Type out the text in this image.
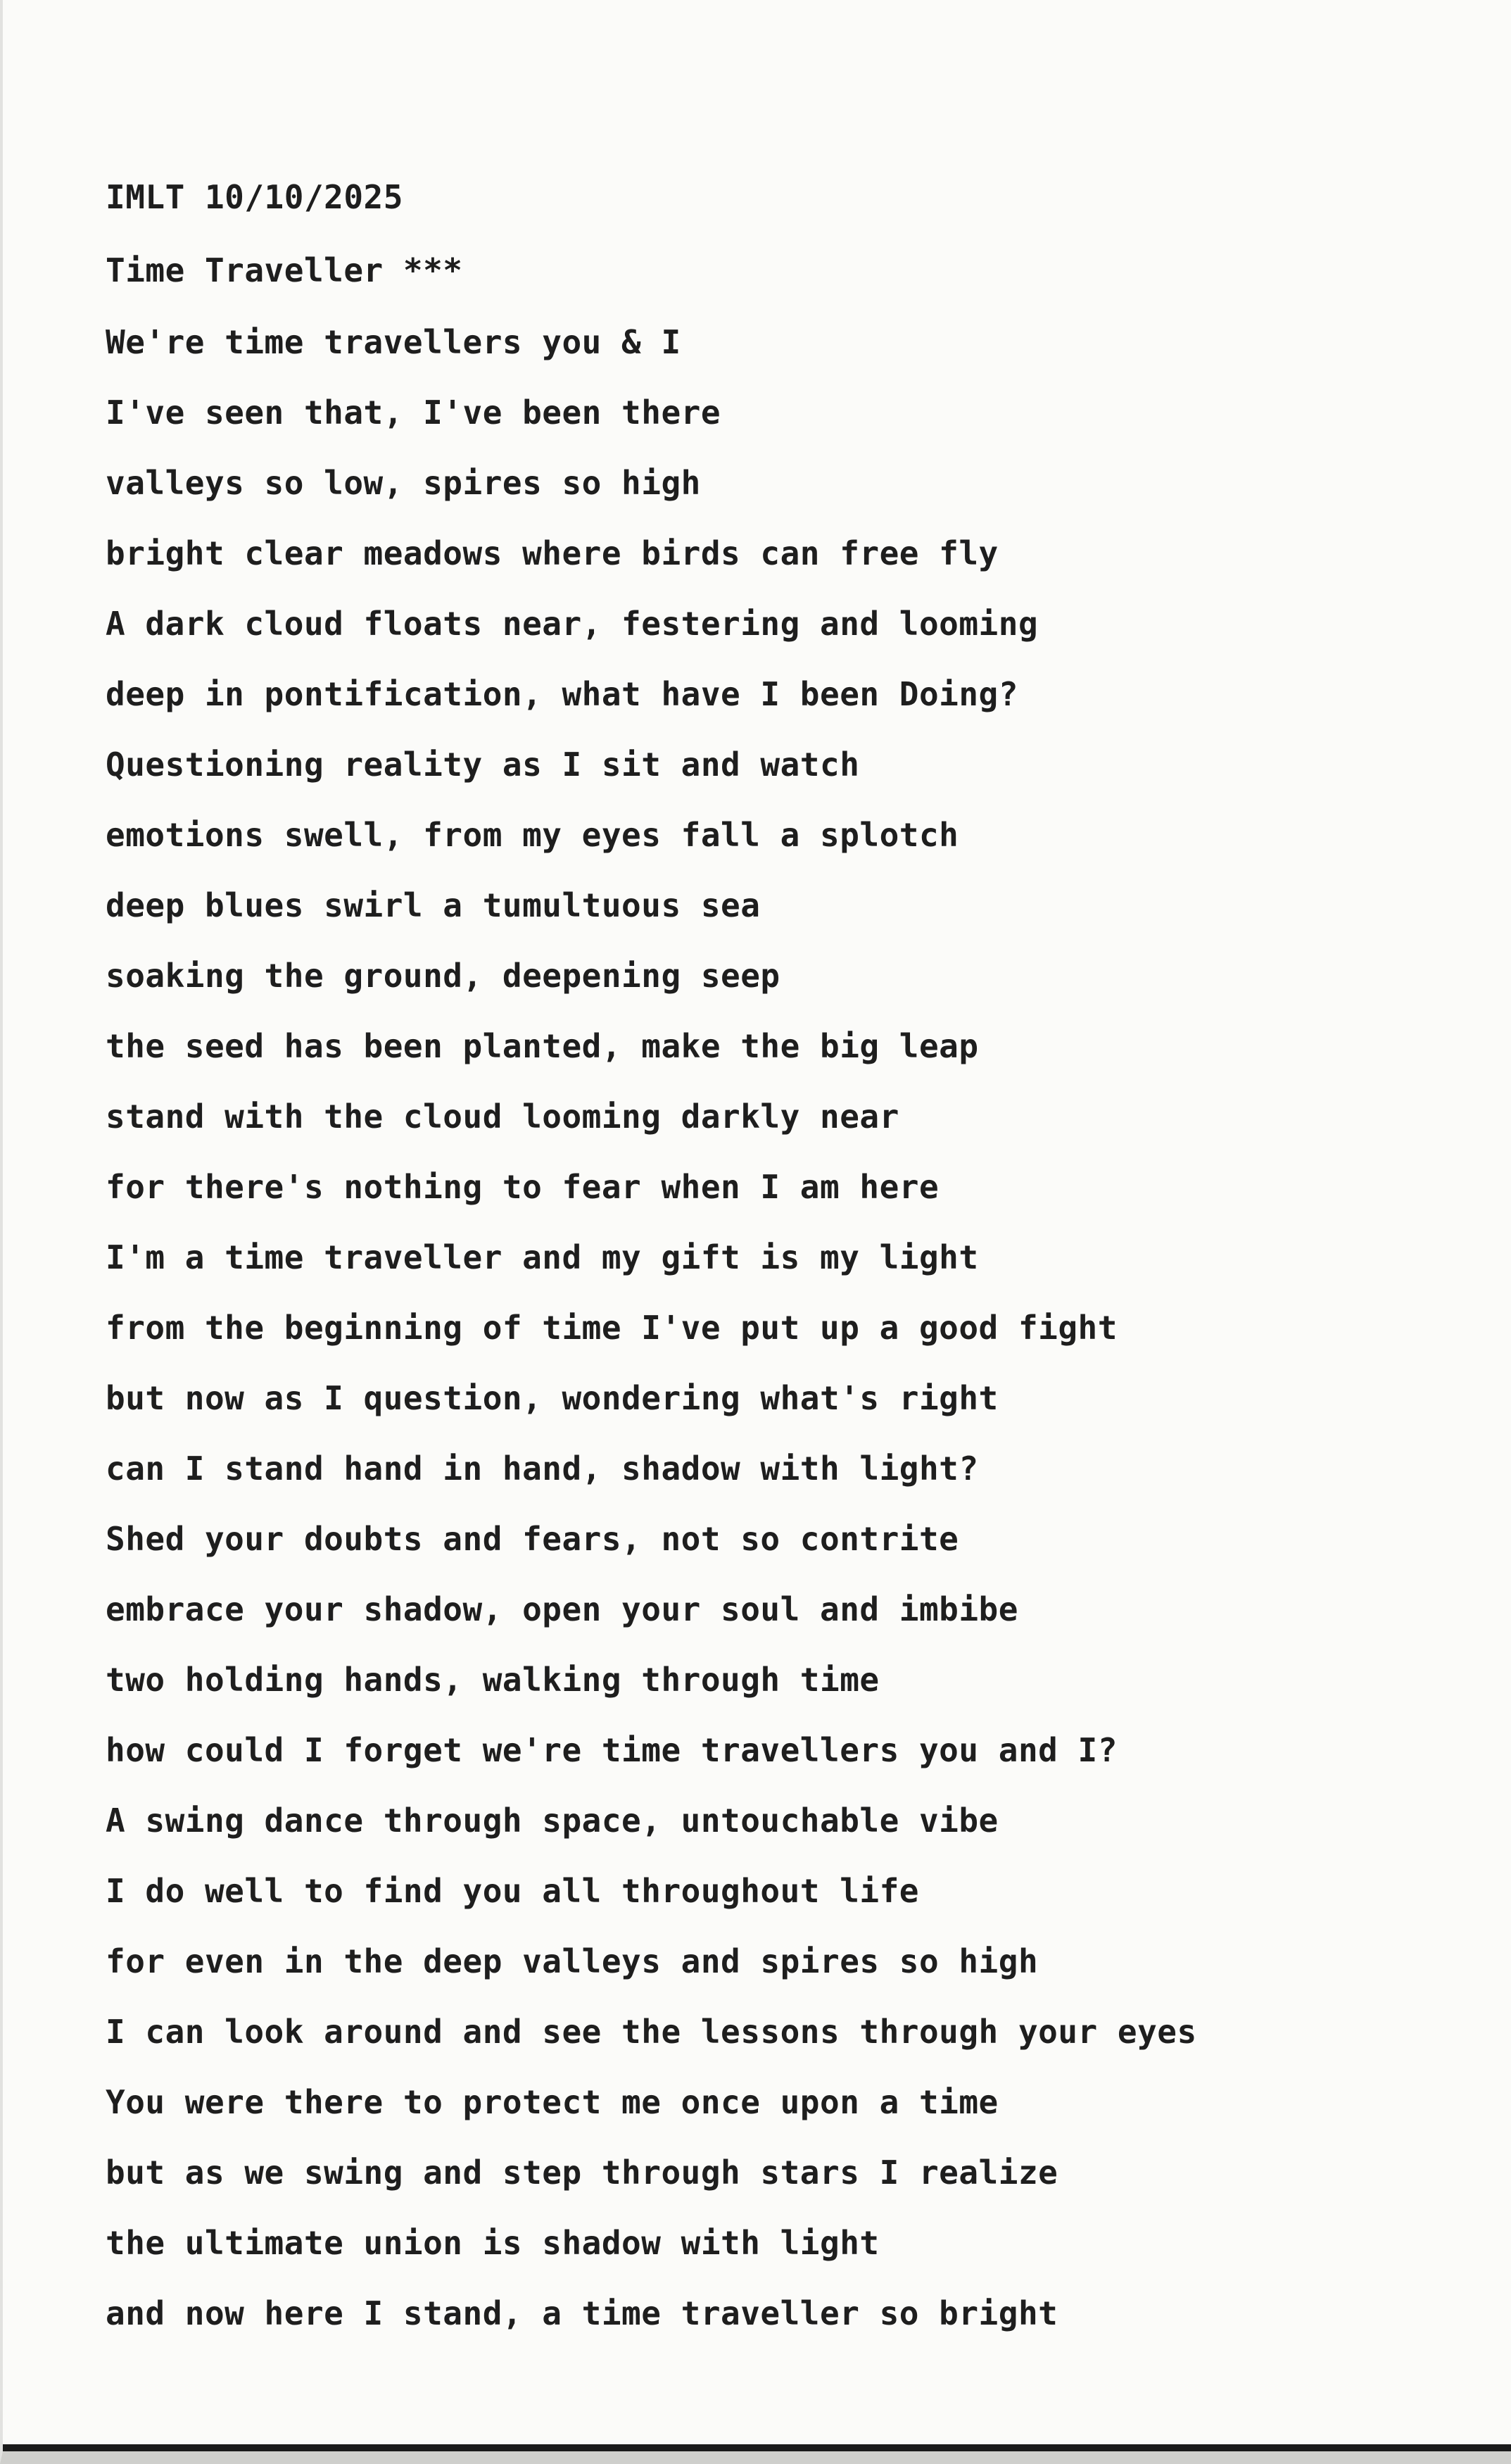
IMLT 10/10/2025
Time Traveller ***
We're time travellers you & I
I've seen that, I've been there
valleys so low, spires so high
bright clear meadows where birds can free fly
A dark cloud floats near, festering and looming
deep in pontification, what have I been Doing?
Questioning reality as I sit and watch
emotions swell, from my eyes fall a splotch
deep blues swirl a tumultuous sea
soaking the ground, deepening seep
the seed has been planted, make the big leap
stand with the cloud looming darkly near
for there's nothing to fear when I am here
I'm a time traveller and my gift is my light
from the beginning of time I've put up a good fight
but now as I question, wondering what's right
can I stand hand in hand, shadow with light?
Shed your doubts and fears, not so contrite
embrace your shadow, open your soul and imbibe
two holding hands, walking through time
how could I forget we're time travellers you and I?
A swing dance through space, untouchable vibe
I do well to find you all throughout life
for even in the deep valleys and spires so high
I can look around and see the lessons through your eyes
You were there to protect me once upon a time
but as we swing and step through stars I realize
the ultimate union is shadow with light
and now here I stand, a time traveller so bright
